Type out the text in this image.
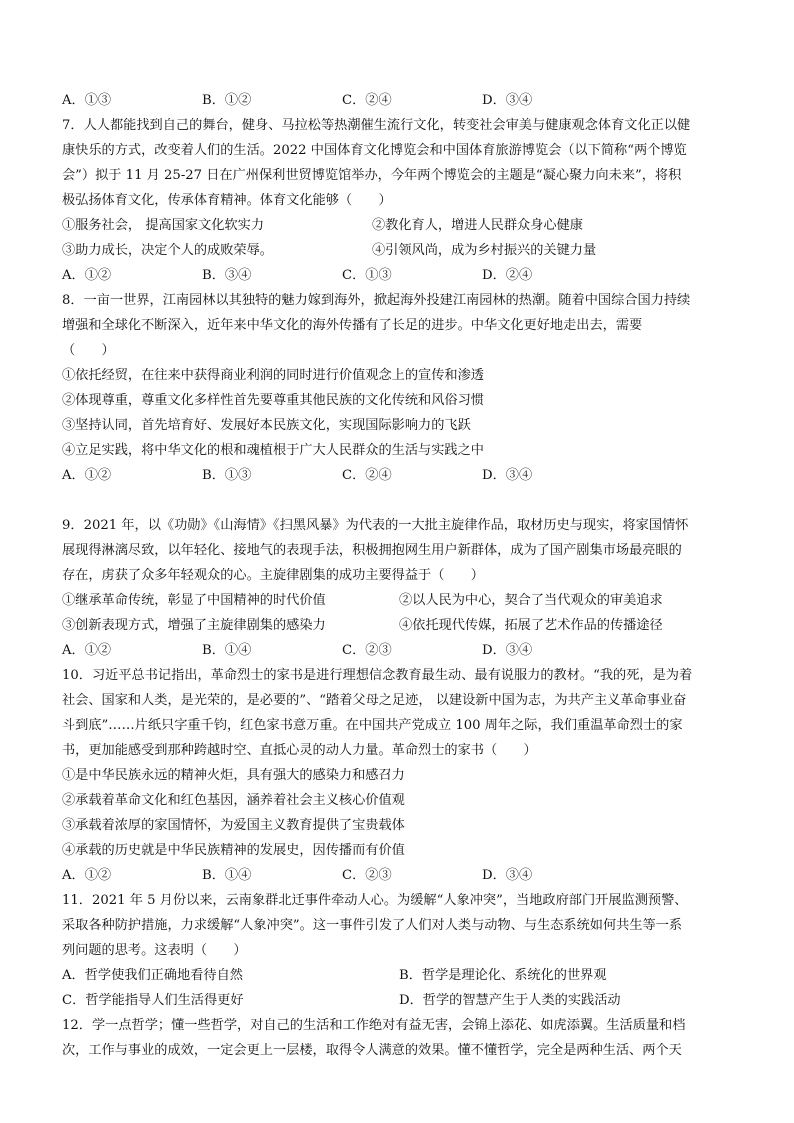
A．①③	B．①②	C．②④	D．③④
7．人人都能找到自己的舞台，健身、马拉松等热潮催生流行文化，转变社会审美与健康观念体育文化正以健
康快乐的方式，改变着人们的生活。2022 中国体育文化博览会和中国体育旅游博览会（以下简称“两个博览
会”）拟于 11 月 25-27 日在广州保利世贸博览馆举办，今年两个博览会的主题是“凝心聚力向未来”，将积
极弘扬体育文化，传承体育精神。体育文化能够（　　）
①服务社会， 提高国家文化软实力	②教化育人，增进人民群众身心健康
③助力成长，决定个人的成败荣辱。	④引领风尚，成为乡村振兴的关键力量
A．①②	B．③④	C．①③	D．②④
8．一亩一世界，江南园林以其独特的魅力嫁到海外，掀起海外投建江南园林的热潮。随着中国综合国力持续
增强和全球化不断深入，近年来中华文化的海外传播有了长足的进步。中华文化更好地走出去，需要
（　　）
①依托经贸，在往来中获得商业利润的同时进行价值观念上的宣传和渗透
②体现尊重，尊重文化多样性首先要尊重其他民族的文化传统和风俗习惯
③坚持认同，首先培育好、发展好本民族文化，实现国际影响力的飞跃
④立足实践，将中华文化的根和魂植根于广大人民群众的生活与实践之中
A．①②	B．①③	C．②④	D．③④
9．2021 年，以《功勋》《山海情》《扫黑风暴》为代表的一大批主旋律作品，取材历史与现实，将家国情怀
展现得淋漓尽致，以年轻化、接地气的表现手法，积极拥抱网生用户新群体，成为了国产剧集市场最亮眼的
存在，虏获了众多年轻观众的心。主旋律剧集的成功主要得益于（　　）
①继承革命传统，彰显了中国精神的时代价值	②以人民为中心，契合了当代观众的审美追求
③创新表现方式，增强了主旋律剧集的感染力	④依托现代传媒，拓展了艺术作品的传播途径
A．①②	B．①④	C．②③	D．③④
10．习近平总书记指出，革命烈士的家书是进行理想信念教育最生动、最有说服力的教材。“我的死，是为着
社会、国家和人类，是光荣的，是必要的”、“踏着父母之足迹， 以建设新中国为志，为共产主义革命事业奋
斗到底”……片纸只字重千钧，红色家书意万重。在中国共产党成立 100 周年之际，我们重温革命烈士的家
书，更加能感受到那种跨越时空、直抵心灵的动人力量。革命烈士的家书（　　）
①是中华民族永远的精神火炬，具有强大的感染力和感召力
②承载着革命文化和红色基因，涵养着社会主义核心价值观
③承载着浓厚的家国情怀，为爱国主义教育提供了宝贵载体
④承载的历史就是中华民族精神的发展史，因传播而有价值
A．①②	B．①④	C．②③	D．③④
11．2021 年 5 月份以来，云南象群北迁事件牵动人心。为缓解“人象冲突”，当地政府部门开展监测预警、
采取各种防护措施，力求缓解“人象冲突”。这一事件引发了人们对人类与动物、与生态系统如何共生等一系
列问题的思考。这表明（　　）
A．哲学使我们正确地看待自然	B．哲学是理论化、系统化的世界观
C．哲学能指导人们生活得更好	D．哲学的智慧产生于人类的实践活动
12．学一点哲学；懂一些哲学，对自己的生活和工作绝对有益无害，会锦上添花、如虎添翼。生活质量和档
次，工作与事业的成效，一定会更上一层楼，取得令人满意的效果。懂不懂哲学，完全是两种生活、两个天
